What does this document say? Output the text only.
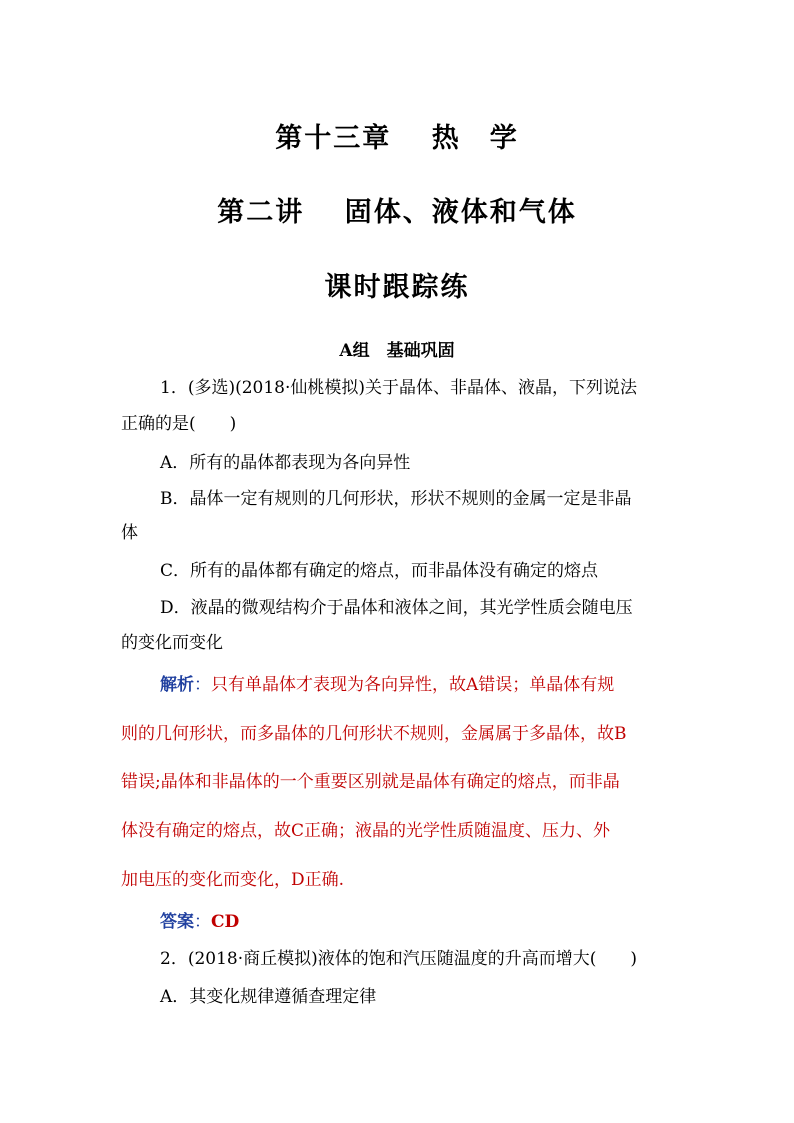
第十三章　 热　学
第二讲　 固体、液体和气体
课时跟踪练
A组　基础巩固
1．(多选)(2018·仙桃模拟)关于晶体、非晶体、液晶，下列说法
正确的是(　　)
A．所有的晶体都表现为各向异性
B．晶体一定有规则的几何形状，形状不规则的金属一定是非晶
体
C．所有的晶体都有确定的熔点，而非晶体没有确定的熔点
D．液晶的微观结构介于晶体和液体之间，其光学性质会随电压
的变化而变化
解析：只有单晶体才表现为各向异性，故A错误；单晶体有规
则的几何形状，而多晶体的几何形状不规则，金属属于多晶体，故B
错误;晶体和非晶体的一个重要区别就是晶体有确定的熔点，而非晶
体没有确定的熔点，故C正确；液晶的光学性质随温度、压力、外
加电压的变化而变化，D正确.
答案：CD
2．(2018·商丘模拟)液体的饱和汽压随温度的升高而增大(　　)
A．其变化规律遵循查理定律
